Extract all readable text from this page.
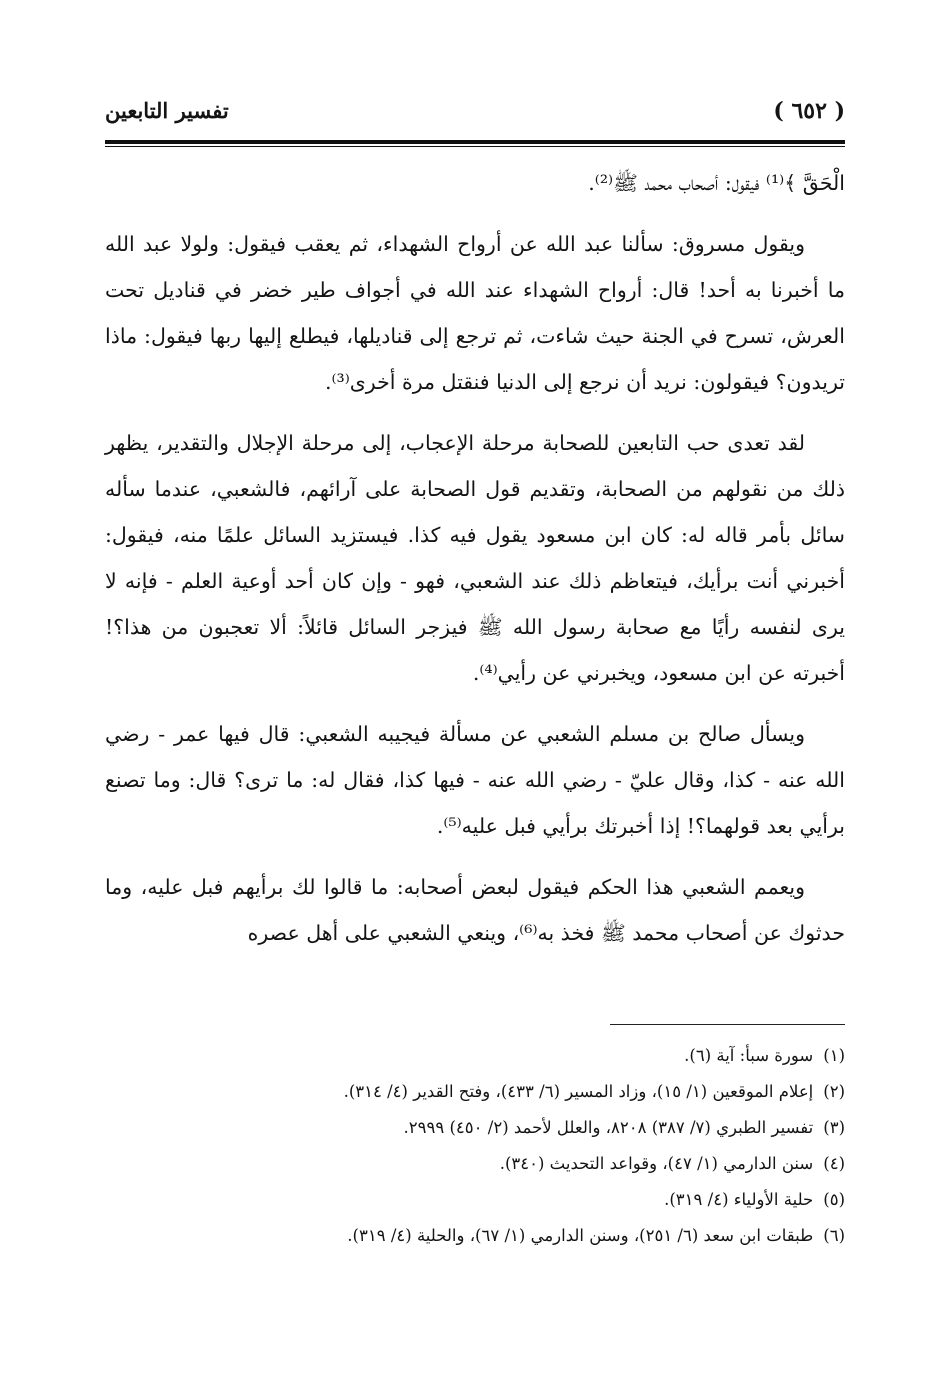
( ٦٥٢ )
تفسير التابعين

الْحَقَّ ﴾⁽¹⁾ فيقول: أصحاب محمد ﷺ⁽²⁾.

ويقول مسروق: سألنا عبد الله عن أرواح الشهداء، ثم يعقب فيقول: ولولا عبد الله ما أخبرنا به أحد! قال: أرواح الشهداء عند الله في أجواف طير خضر في قناديل تحت العرش، تسرح في الجنة حيث شاءت، ثم ترجع إلى قناديلها، فيطلع إليها ربها فيقول: ماذا تريدون؟ فيقولون: نريد أن نرجع إلى الدنيا فنقتل مرة أخرى⁽³⁾.

لقد تعدى حب التابعين للصحابة مرحلة الإعجاب، إلى مرحلة الإجلال والتقدير، يظهر ذلك من نقولهم من الصحابة، وتقديم قول الصحابة على آرائهم، فالشعبي، عندما سأله سائل بأمر قاله له: كان ابن مسعود يقول فيه كذا. فيستزيد السائل علمًا منه، فيقول: أخبرني أنت برأيك، فيتعاظم ذلك عند الشعبي، فهو - وإن كان أحد أوعية العلم - فإنه لا يرى لنفسه رأيًا مع صحابة رسول الله ﷺ فيزجر السائل قائلاً: ألا تعجبون من هذا؟! أخبرته عن ابن مسعود، ويخبرني عن رأيي⁽⁴⁾.

ويسأل صالح بن مسلم الشعبي عن مسألة فيجيبه الشعبي: قال فيها عمر - رضي الله عنه - كذا، وقال عليّ - رضي الله عنه - فيها كذا، فقال له: ما ترى؟ قال: وما تصنع برأيي بعد قولهما؟! إذا أخبرتك برأيي فبل عليه⁽⁵⁾.

ويعمم الشعبي هذا الحكم فيقول لبعض أصحابه: ما قالوا لك برأيهم فبل عليه، وما حدثوك عن أصحاب محمد ﷺ فخذ به⁽⁶⁾، وينعي الشعبي على أهل عصره

(١)
سورة سبأ: آية (٦).
(٢)
إعلام الموقعين (١/ ١٥)، وزاد المسير (٦/ ٤٣٣)، وفتح القدير (٤/ ٣١٤).
(٣)
تفسير الطبري (٧/ ٣٨٧) ٨٢٠٨، والعلل لأحمد (٢/ ٤٥٠) ٢٩٩٩.
(٤)
سنن الدارمي (١/ ٤٧)، وقواعد التحديث (٣٤٠).
(٥)
حلية الأولياء (٤/ ٣١٩).
(٦)
طبقات ابن سعد (٦/ ٢٥١)، وسنن الدارمي (١/ ٦٧)، والحلية (٤/ ٣١٩).
